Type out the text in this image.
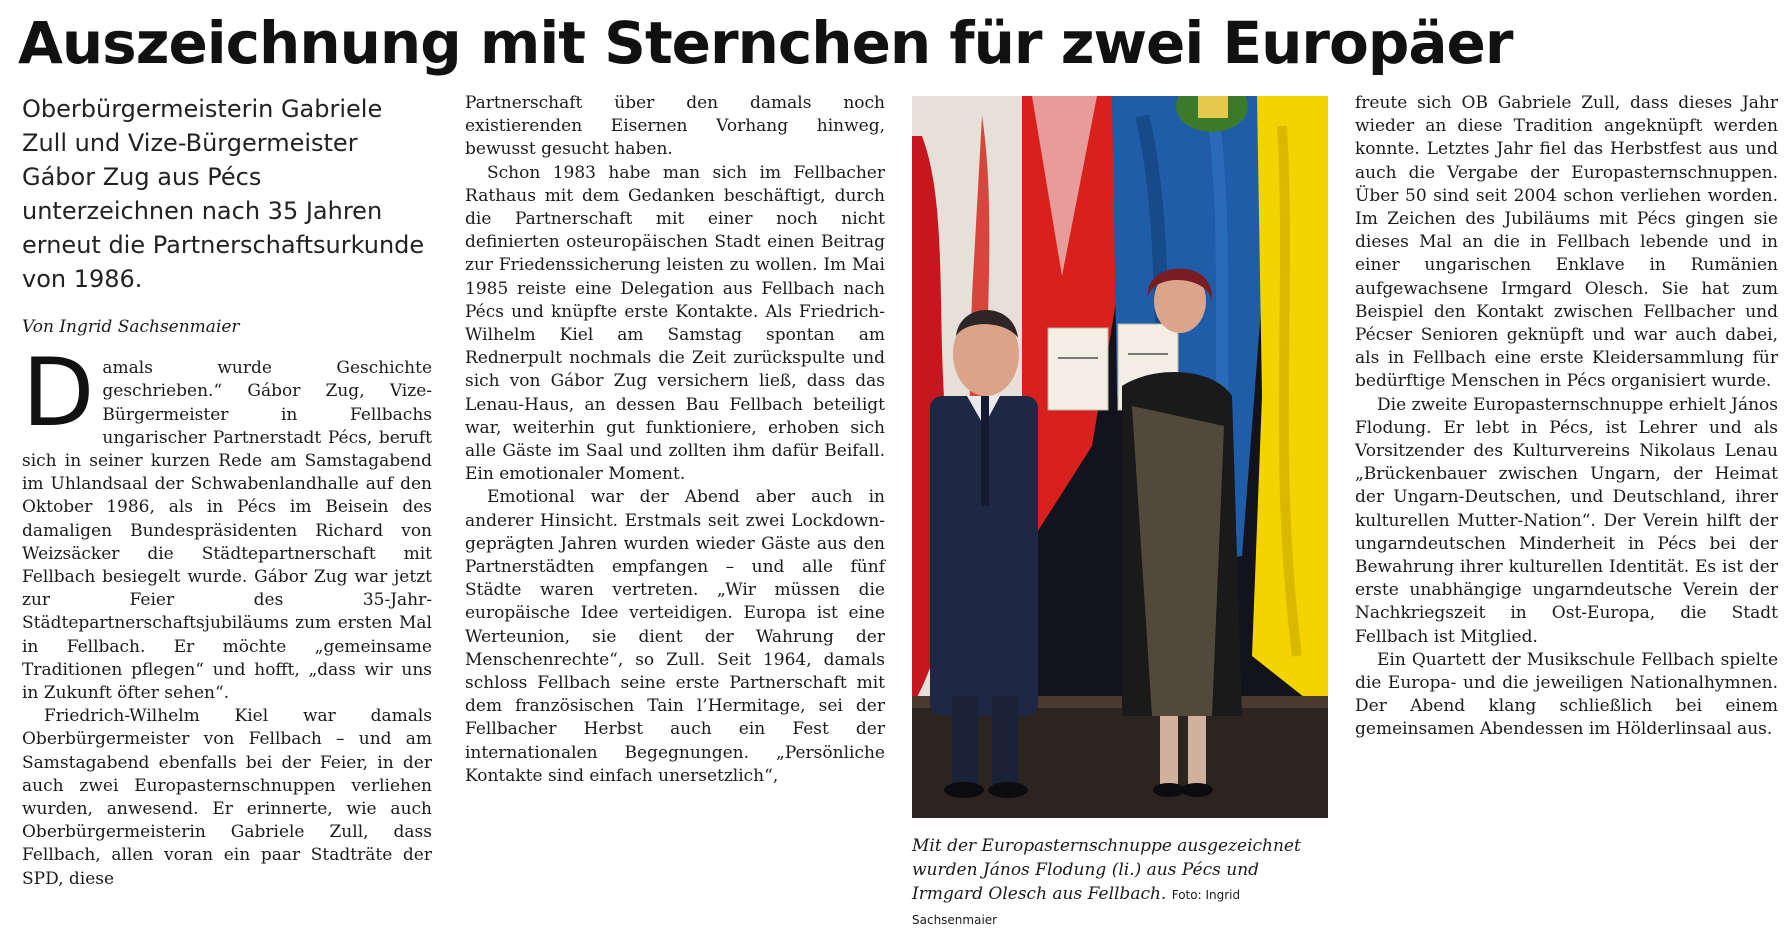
Auszeichnung mit Sternchen für zwei Europäer
Oberbürgermeisterin Gabriele Zull und Vize-Bürgermeister Gábor Zug aus Pécs unterzeichnen nach 35 Jahren erneut die Partnerschaftsurkunde von 1986.
Von Ingrid Sachsenmaier

Damals wurde Geschichte geschrieben.“ Gábor Zug, Vize-Bürgermeister in Fellbachs ungarischer Partnerstadt Pécs, beruft sich in seiner kurzen Rede am Samstagabend im Uhlandsaal der Schwabenlandhalle auf den Oktober 1986, als in Pécs im Beisein des damaligen Bundespräsidenten Richard von Weizsäcker die Städtepartnerschaft mit Fellbach besiegelt wurde. Gábor Zug war jetzt zur Feier des 35-Jahr-Städtepartnerschaftsjubiläums zum ersten Mal in Fellbach. Er möchte „gemeinsame Traditionen pflegen“ und hofft, „dass wir uns in Zukunft öfter sehen“.

Friedrich-Wilhelm Kiel war damals Oberbürgermeister von Fellbach – und am Samstagabend ebenfalls bei der Feier, in der auch zwei Europasternschnuppen verliehen wurden, anwesend. Er erinnerte, wie auch Oberbürgermeisterin Gabriele Zull, dass Fellbach, allen voran ein paar Stadträte der SPD, diese

Partnerschaft über den damals noch existierenden Eisernen Vorhang hinweg, bewusst gesucht haben.

Schon 1983 habe man sich im Fellbacher Rathaus mit dem Gedanken beschäftigt, durch die Partnerschaft mit einer noch nicht definierten osteuropäischen Stadt einen Beitrag zur Friedenssicherung leisten zu wollen. Im Mai 1985 reiste eine Delegation aus Fellbach nach Pécs und knüpfte erste Kontakte. Als Friedrich-Wilhelm Kiel am Samstag spontan am Rednerpult nochmals die Zeit zurückspulte und sich von Gábor Zug versichern ließ, dass das Lenau-Haus, an dessen Bau Fellbach beteiligt war, weiterhin gut funktioniere, erhoben sich alle Gäste im Saal und zollten ihm dafür Beifall. Ein emotionaler Moment.

Emotional war der Abend aber auch in anderer Hinsicht. Erstmals seit zwei Lockdown-geprägten Jahren wurden wieder Gäste aus den Partnerstädten empfangen – und alle fünf Städte waren vertreten. „Wir müssen die europäische Idee verteidigen. Europa ist eine Werteunion, sie dient der Wahrung der Menschenrechte“, so Zull. Seit 1964, damals schloss Fellbach seine erste Partnerschaft mit dem französischen Tain l’Hermitage, sei der Fellbacher Herbst auch ein Fest der internationalen Begegnungen. „Persönliche Kontakte sind einfach unersetzlich“,

Mit der Europasternschnuppe ausgezeichnet wurden János Flodung (li.) aus Pécs und Irmgard Olesch aus Fellbach. Foto: Ingrid Sachsenmaier

freute sich OB Gabriele Zull, dass dieses Jahr wieder an diese Tradition angeknüpft werden konnte. Letztes Jahr fiel das Herbstfest aus und auch die Vergabe der Europasternschnuppen. Über 50 sind seit 2004 schon verliehen worden. Im Zeichen des Jubiläums mit Pécs gingen sie dieses Mal an die in Fellbach lebende und in einer ungarischen Enklave in Rumänien aufgewachsene Irmgard Olesch. Sie hat zum Beispiel den Kontakt zwischen Fellbacher und Pécser Senioren geknüpft und war auch dabei, als in Fellbach eine erste Kleidersammlung für bedürftige Menschen in Pécs organisiert wurde.

Die zweite Europasternschnuppe erhielt János Flodung. Er lebt in Pécs, ist Lehrer und als Vorsitzender des Kulturvereins Nikolaus Lenau „Brückenbauer zwischen Ungarn, der Heimat der Ungarn-Deutschen, und Deutschland, ihrer kulturellen Mutter-Nation“. Der Verein hilft der ungarndeutschen Minderheit in Pécs bei der Bewahrung ihrer kulturellen Identität. Es ist der erste unabhängige ungarndeutsche Verein der Nachkriegszeit in Ost-Europa, die Stadt Fellbach ist Mitglied.

Ein Quartett der Musikschule Fellbach spielte die Europa- und die jeweiligen Nationalhymnen. Der Abend klang schließlich bei einem gemeinsamen Abendessen im Hölderlinsaal aus.
